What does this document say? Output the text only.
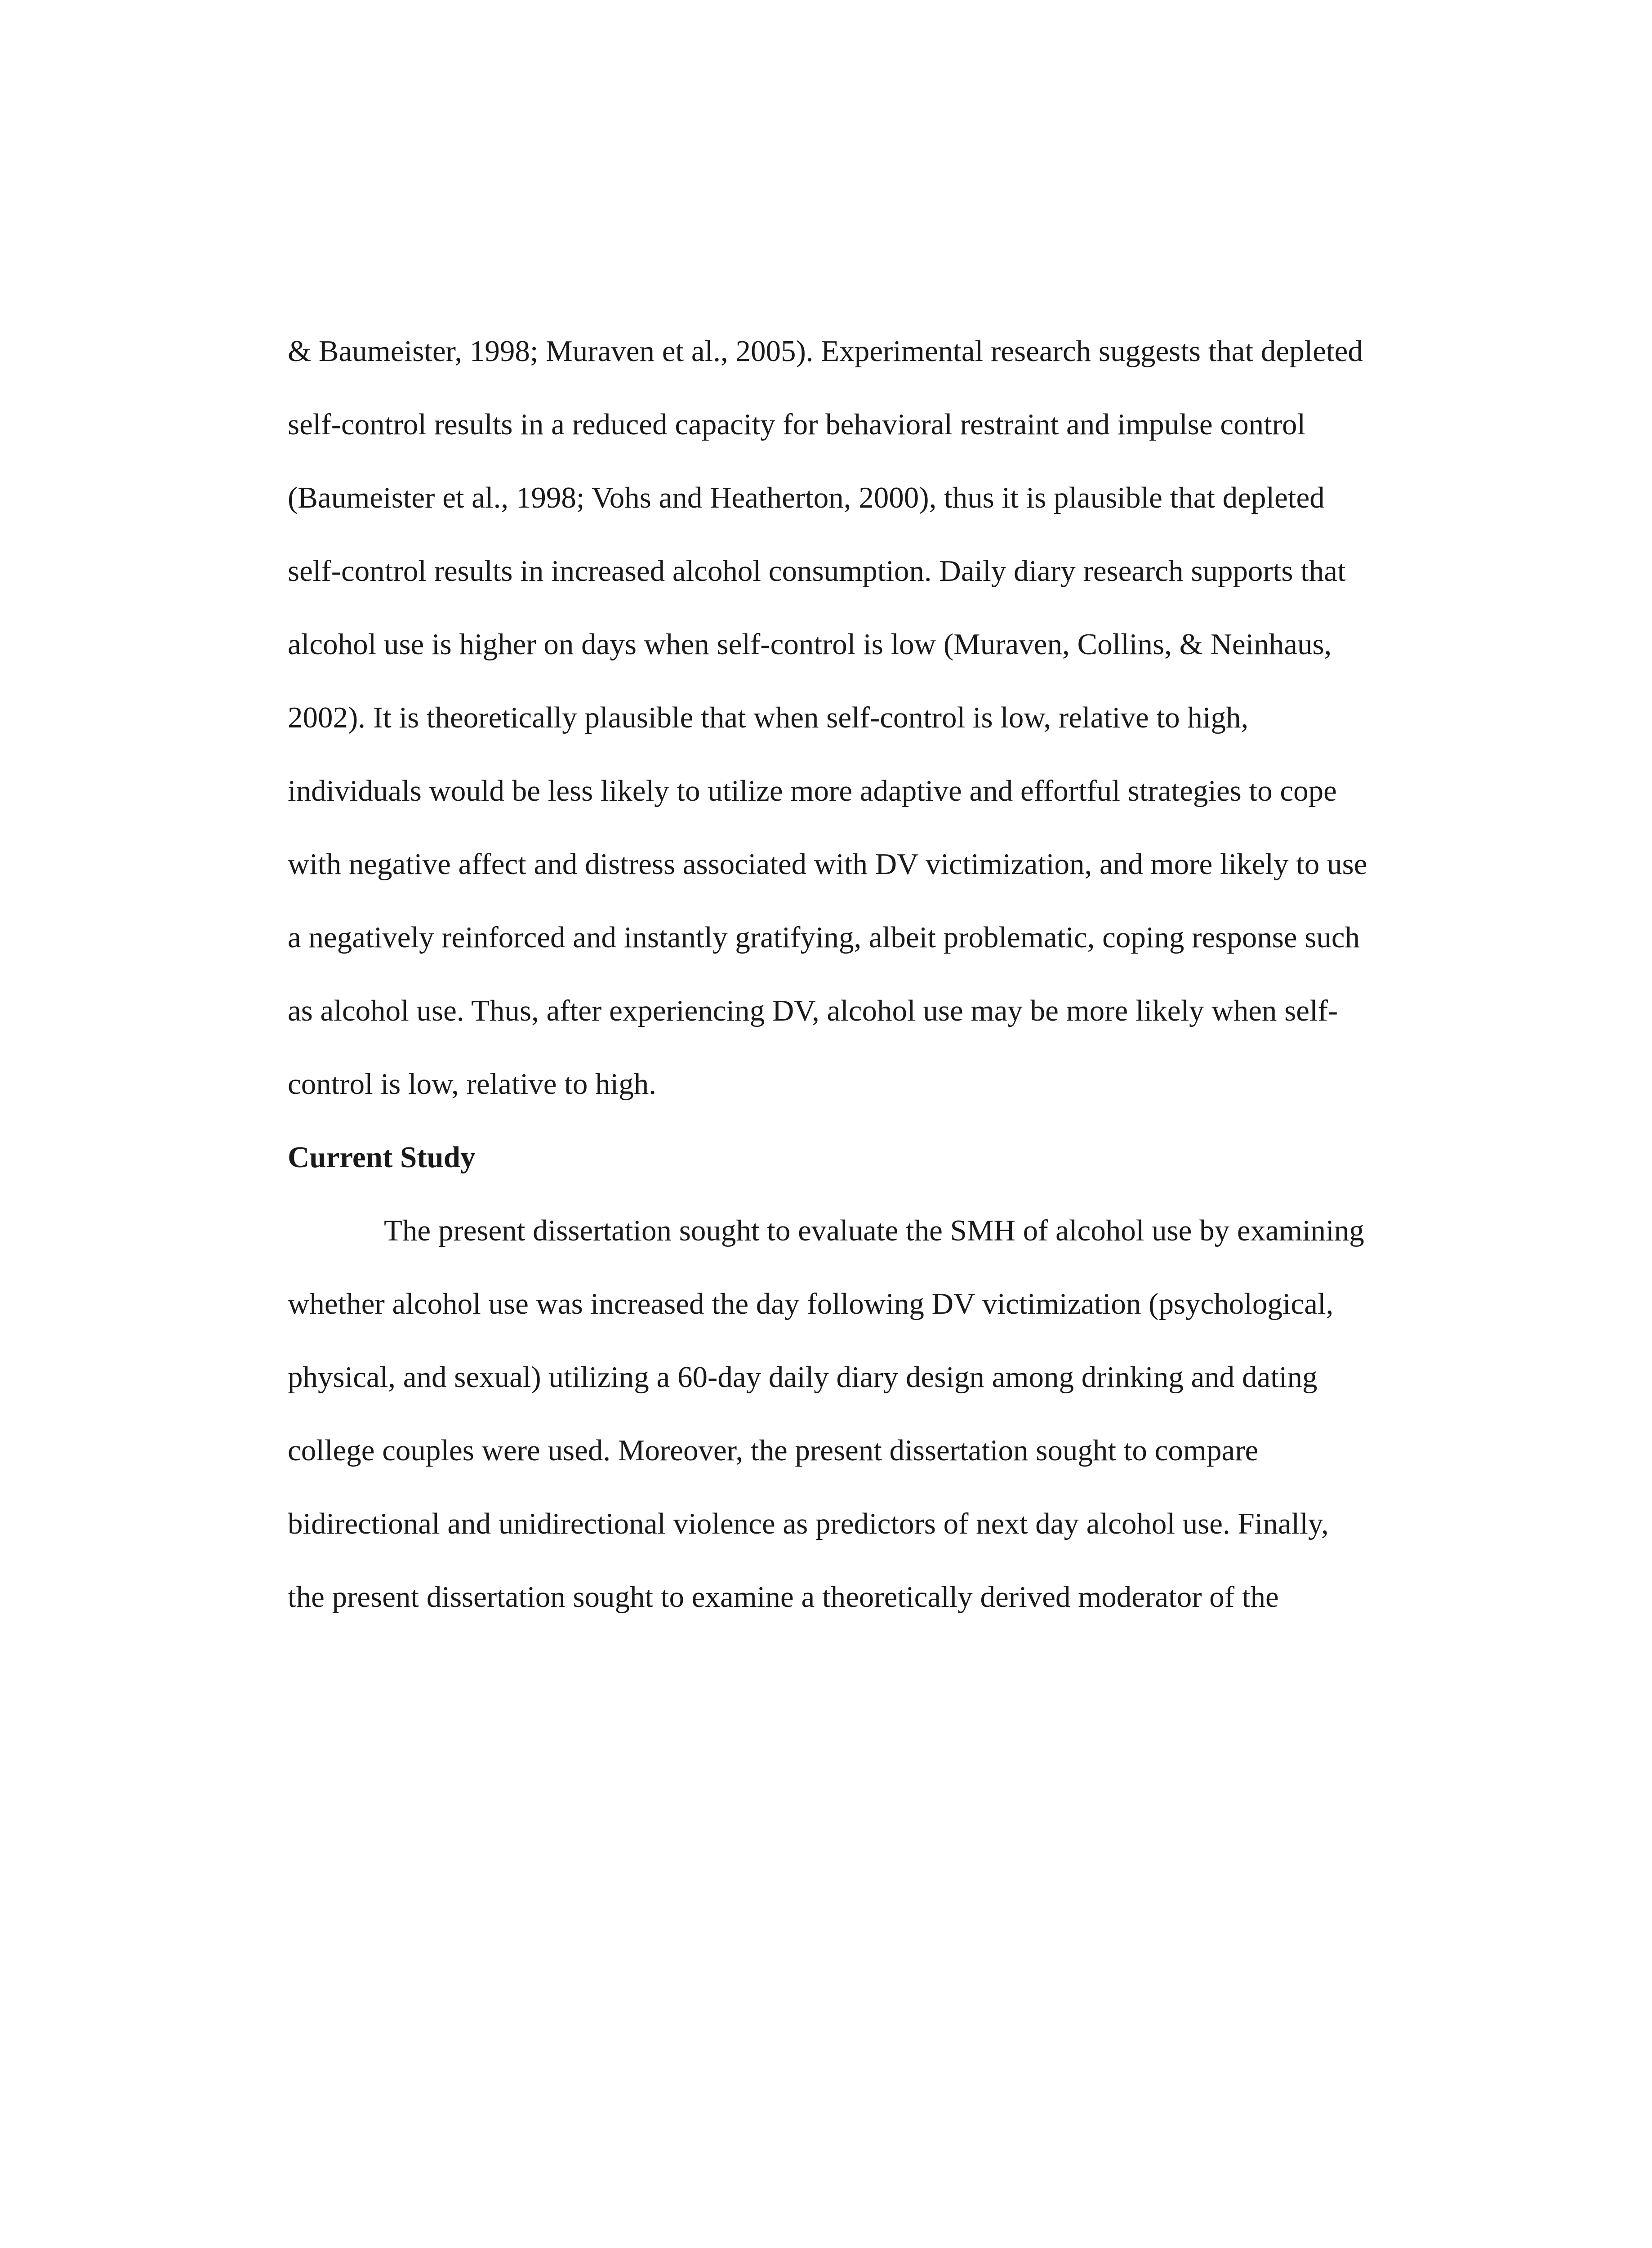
& Baumeister, 1998; Muraven et al., 2005). Experimental research suggests that depleted
self-control results in a reduced capacity for behavioral restraint and impulse control
(Baumeister et al., 1998; Vohs and Heatherton, 2000), thus it is plausible that depleted
self-control results in increased alcohol consumption. Daily diary research supports that
alcohol use is higher on days when self-control is low (Muraven, Collins, & Neinhaus,
2002). It is theoretically plausible that when self-control is low, relative to high,
individuals would be less likely to utilize more adaptive and effortful strategies to cope
with negative affect and distress associated with DV victimization, and more likely to use
a negatively reinforced and instantly gratifying, albeit problematic, coping response such
as alcohol use. Thus, after experiencing DV, alcohol use may be more likely when self-
control is low, relative to high.
Current Study
The present dissertation sought to evaluate the SMH of alcohol use by examining
whether alcohol use was increased the day following DV victimization (psychological,
physical, and sexual) utilizing a 60-day daily diary design among drinking and dating
college couples were used. Moreover, the present dissertation sought to compare
bidirectional and unidirectional violence as predictors of next day alcohol use. Finally,
the present dissertation sought to examine a theoretically derived moderator of the
